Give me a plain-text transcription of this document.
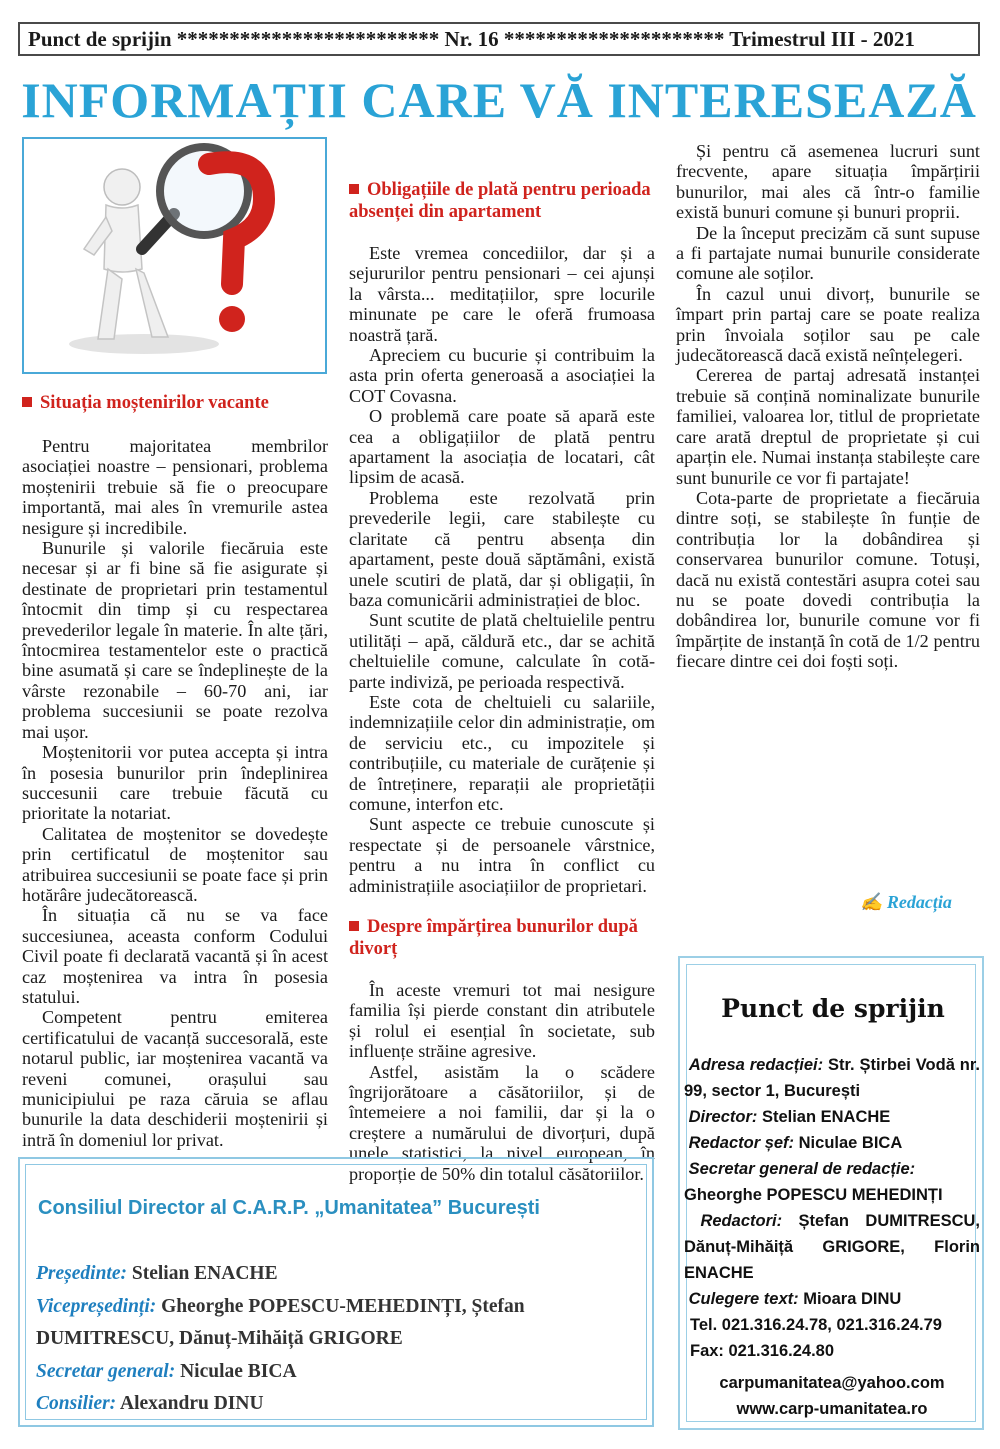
Punct de sprijin ************************* Nr. 16 ********************* Trimestrul III - 2021
INFORMAȚII CARE VĂ INTERESEAZĂ
Situația moștenirilor vacante

Pentru majoritatea membrilor asociației noastre – pensionari, problema moștenirii trebuie să fie o preocupare importantă, mai ales în vremurile astea nesigure și incredibile.

Bunurile și valorile fiecăruia este necesar și ar fi bine să fie asigurate și destinate de proprietari prin testamentul întocmit din timp și cu respectarea prevederilor legale în materie. În alte țări, întocmirea testamentelor este o practică bine asumată și care se îndeplinește de la vârste rezonabile – 60-70 ani, iar problema succesiunii se poate rezolva mai ușor.

Moștenitorii vor putea accepta și intra în posesia bunurilor prin îndeplinirea succesunii care trebuie făcută cu prioritate la notariat.

Calitatea de moștenitor se dovedește prin certificatul de moștenitor sau atribuirea succesiunii se poate face și prin hotărâre judecătorească.

În situația că nu se va face succesiunea, aceasta conform Codului Civil poate fi declarată vacantă și în acest caz moștenirea va intra în posesia statului.

Competent pentru emiterea certificatului de vacanță succesorală, este notarul public, iar moștenirea vacantă va reveni comunei, orașului sau municipiului pe raza căruia se aflau bunurile la data deschiderii moștenirii și intră în domeniul lor privat.

Obligațiile de plată pentru perioada absenței din apartament

Este vremea concediilor, dar și a sejururilor pentru pensionari – cei ajunși la vârsta... meditațiilor, spre locurile minunate pe care le oferă frumoasa noastră țară.

Apreciem cu bucurie și contribuim la asta prin oferta generoasă a asociației la COT Covasna.

O problemă care poate să apară este cea a obligațiilor de plată pentru apartament la asociația de locatari, cât lipsim de acasă.

Problema este rezolvată prin prevederile legii, care stabilește cu claritate că pentru absența din apartament, peste două săptămâni, există unele scutiri de plată, dar și obligații, în baza comunicării administrației de bloc.

Sunt scutite de plată cheltuielile pentru utilități – apă, căldură etc., dar se achită cheltuielile comune, calculate în cotă-parte indiviză, pe perioada respectivă.

Este cota de cheltuieli cu salariile, indemnizațiile celor din administrație, om de serviciu etc., cu impozitele și contribuțiile, cu materiale de curățenie și de întreținere, reparații ale proprietății comune, interfon etc.

Sunt aspecte ce trebuie cunoscute și respectate și de persoanele vârstnice, pentru a nu intra în conflict cu administrațiile asociațiilor de proprietari.

Despre împărțirea bunurilor după divorț

În aceste vremuri tot mai nesigure familia își pierde constant din atributele și rolul ei esențial în societate, sub influențe străine agresive.

Astfel, asistăm la o scădere îngrijorătoare a căsătoriilor, și de întemeiere a noi familii, dar și la o creștere a numărului de divorțuri, după unele statistici, la nivel european, în proporție de 50% din totalul căsătoriilor.

Și pentru că asemenea lucruri sunt frecvente, apare situația împărțirii bunurilor, mai ales că într-o familie există bunuri comune și bunuri proprii.

De la început precizăm că sunt supuse a fi partajate numai bunurile considerate comune ale soților.

În cazul unui divorț, bunurile se împart prin partaj care se poate realiza prin învoiala soților sau pe cale judecătorească dacă există neînțelegeri.

Cererea de partaj adresată instanței trebuie să conțină nominalizate bunurile familiei, valoarea lor, titlul de proprietate care arată dreptul de proprietate și cui aparțin ele. Numai instanța stabilește care sunt bunurile ce vor fi partajate!

Cota-parte de proprietate a fiecăruia dintre soți, se stabilește în funție de contribuția lor la dobândirea și conservarea bunurilor comune. Totuși, dacă nu există contestări asupra cotei sau nu se poate dovedi contribuția la dobândirea lor, bunurile comune vor fi împărțite de instanță în cotă de 1/2 pentru fiecare dintre cei doi foști soți.

✍ Redacția
Punct de sprijin
Adresa redacției: Str. Știrbei Vodă nr. 99, sector 1, București
Director: Stelian ENACHE
Redactor șef: Niculae BICA
Secretar general de redacție: Gheorghe POPESCU MEHEDINȚI
Redactori: Ștefan DUMITRESCU, Dănuț-Mihăiță GRIGORE, Florin ENACHE
Culegere text: Mioara DINU
Tel. 021.316.24.78, 021.316.24.79
Fax: 021.316.24.80
carpumanitatea@yahoo.com
www.carp-umanitatea.ro
Consiliul Director al C.A.R.P. „Umanitatea” București
Președinte: Stelian ENACHE
Vicepreședinți: Gheorghe POPESCU-MEHEDINȚI, Ștefan DUMITRESCU, Dănuț-Mihăiță GRIGORE
Secretar general: Niculae BICA
Consilier: Alexandru DINU
